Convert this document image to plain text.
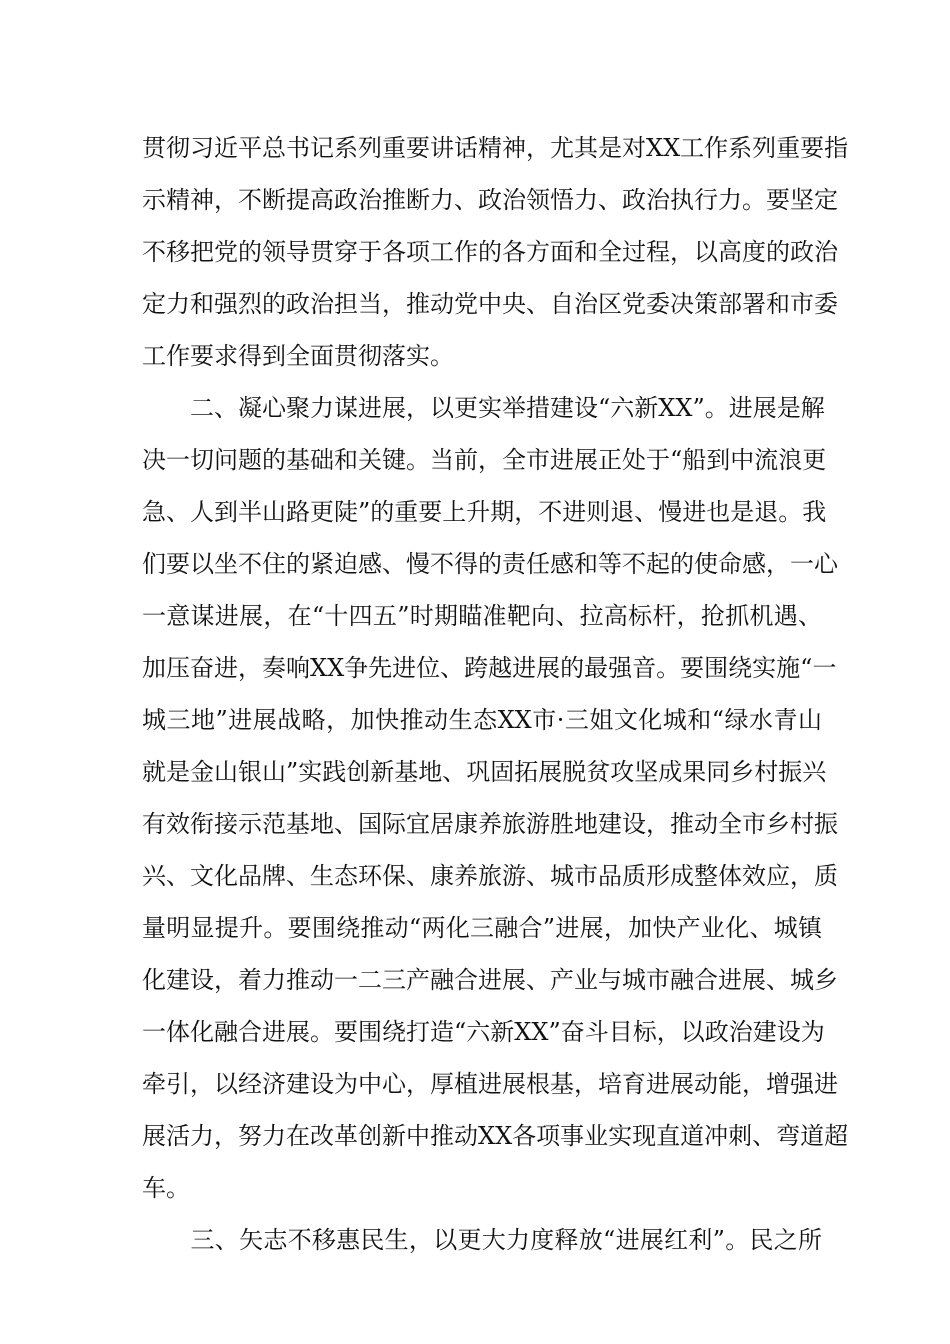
贯彻习近平总书记系列重要讲话精神，尤其是对XX工作系列重要指
示精神，不断提高政治推断力、政治领悟力、政治执行力。要坚定
不移把党的领导贯穿于各项工作的各方面和全过程，以高度的政治
定力和强烈的政治担当，推动党中央、自治区党委决策部署和市委
工作要求得到全面贯彻落实。
　　二、凝心聚力谋进展，以更实举措建设“六新XX”。进展是解
决一切问题的基础和关键。当前，全市进展正处于“船到中流浪更
急、人到半山路更陡”的重要上升期，不进则退、慢进也是退。我
们要以坐不住的紧迫感、慢不得的责任感和等不起的使命感，一心
一意谋进展，在“十四五”时期瞄准靶向、拉高标杆，抢抓机遇、
加压奋进，奏响XX争先进位、跨越进展的最强音。要围绕实施“一
城三地”进展战略，加快推动生态XX市·三姐文化城和“绿水青山
就是金山银山”实践创新基地、巩固拓展脱贫攻坚成果同乡村振兴
有效衔接示范基地、国际宜居康养旅游胜地建设，推动全市乡村振
兴、文化品牌、生态环保、康养旅游、城市品质形成整体效应，质
量明显提升。要围绕推动“两化三融合”进展，加快产业化、城镇
化建设，着力推动一二三产融合进展、产业与城市融合进展、城乡
一体化融合进展。要围绕打造“六新XX”奋斗目标，以政治建设为
牵引，以经济建设为中心，厚植进展根基，培育进展动能，增强进
展活力，努力在改革创新中推动XX各项事业实现直道冲刺、弯道超
车。
　　三、矢志不移惠民生，以更大力度释放“进展红利”。民之所
